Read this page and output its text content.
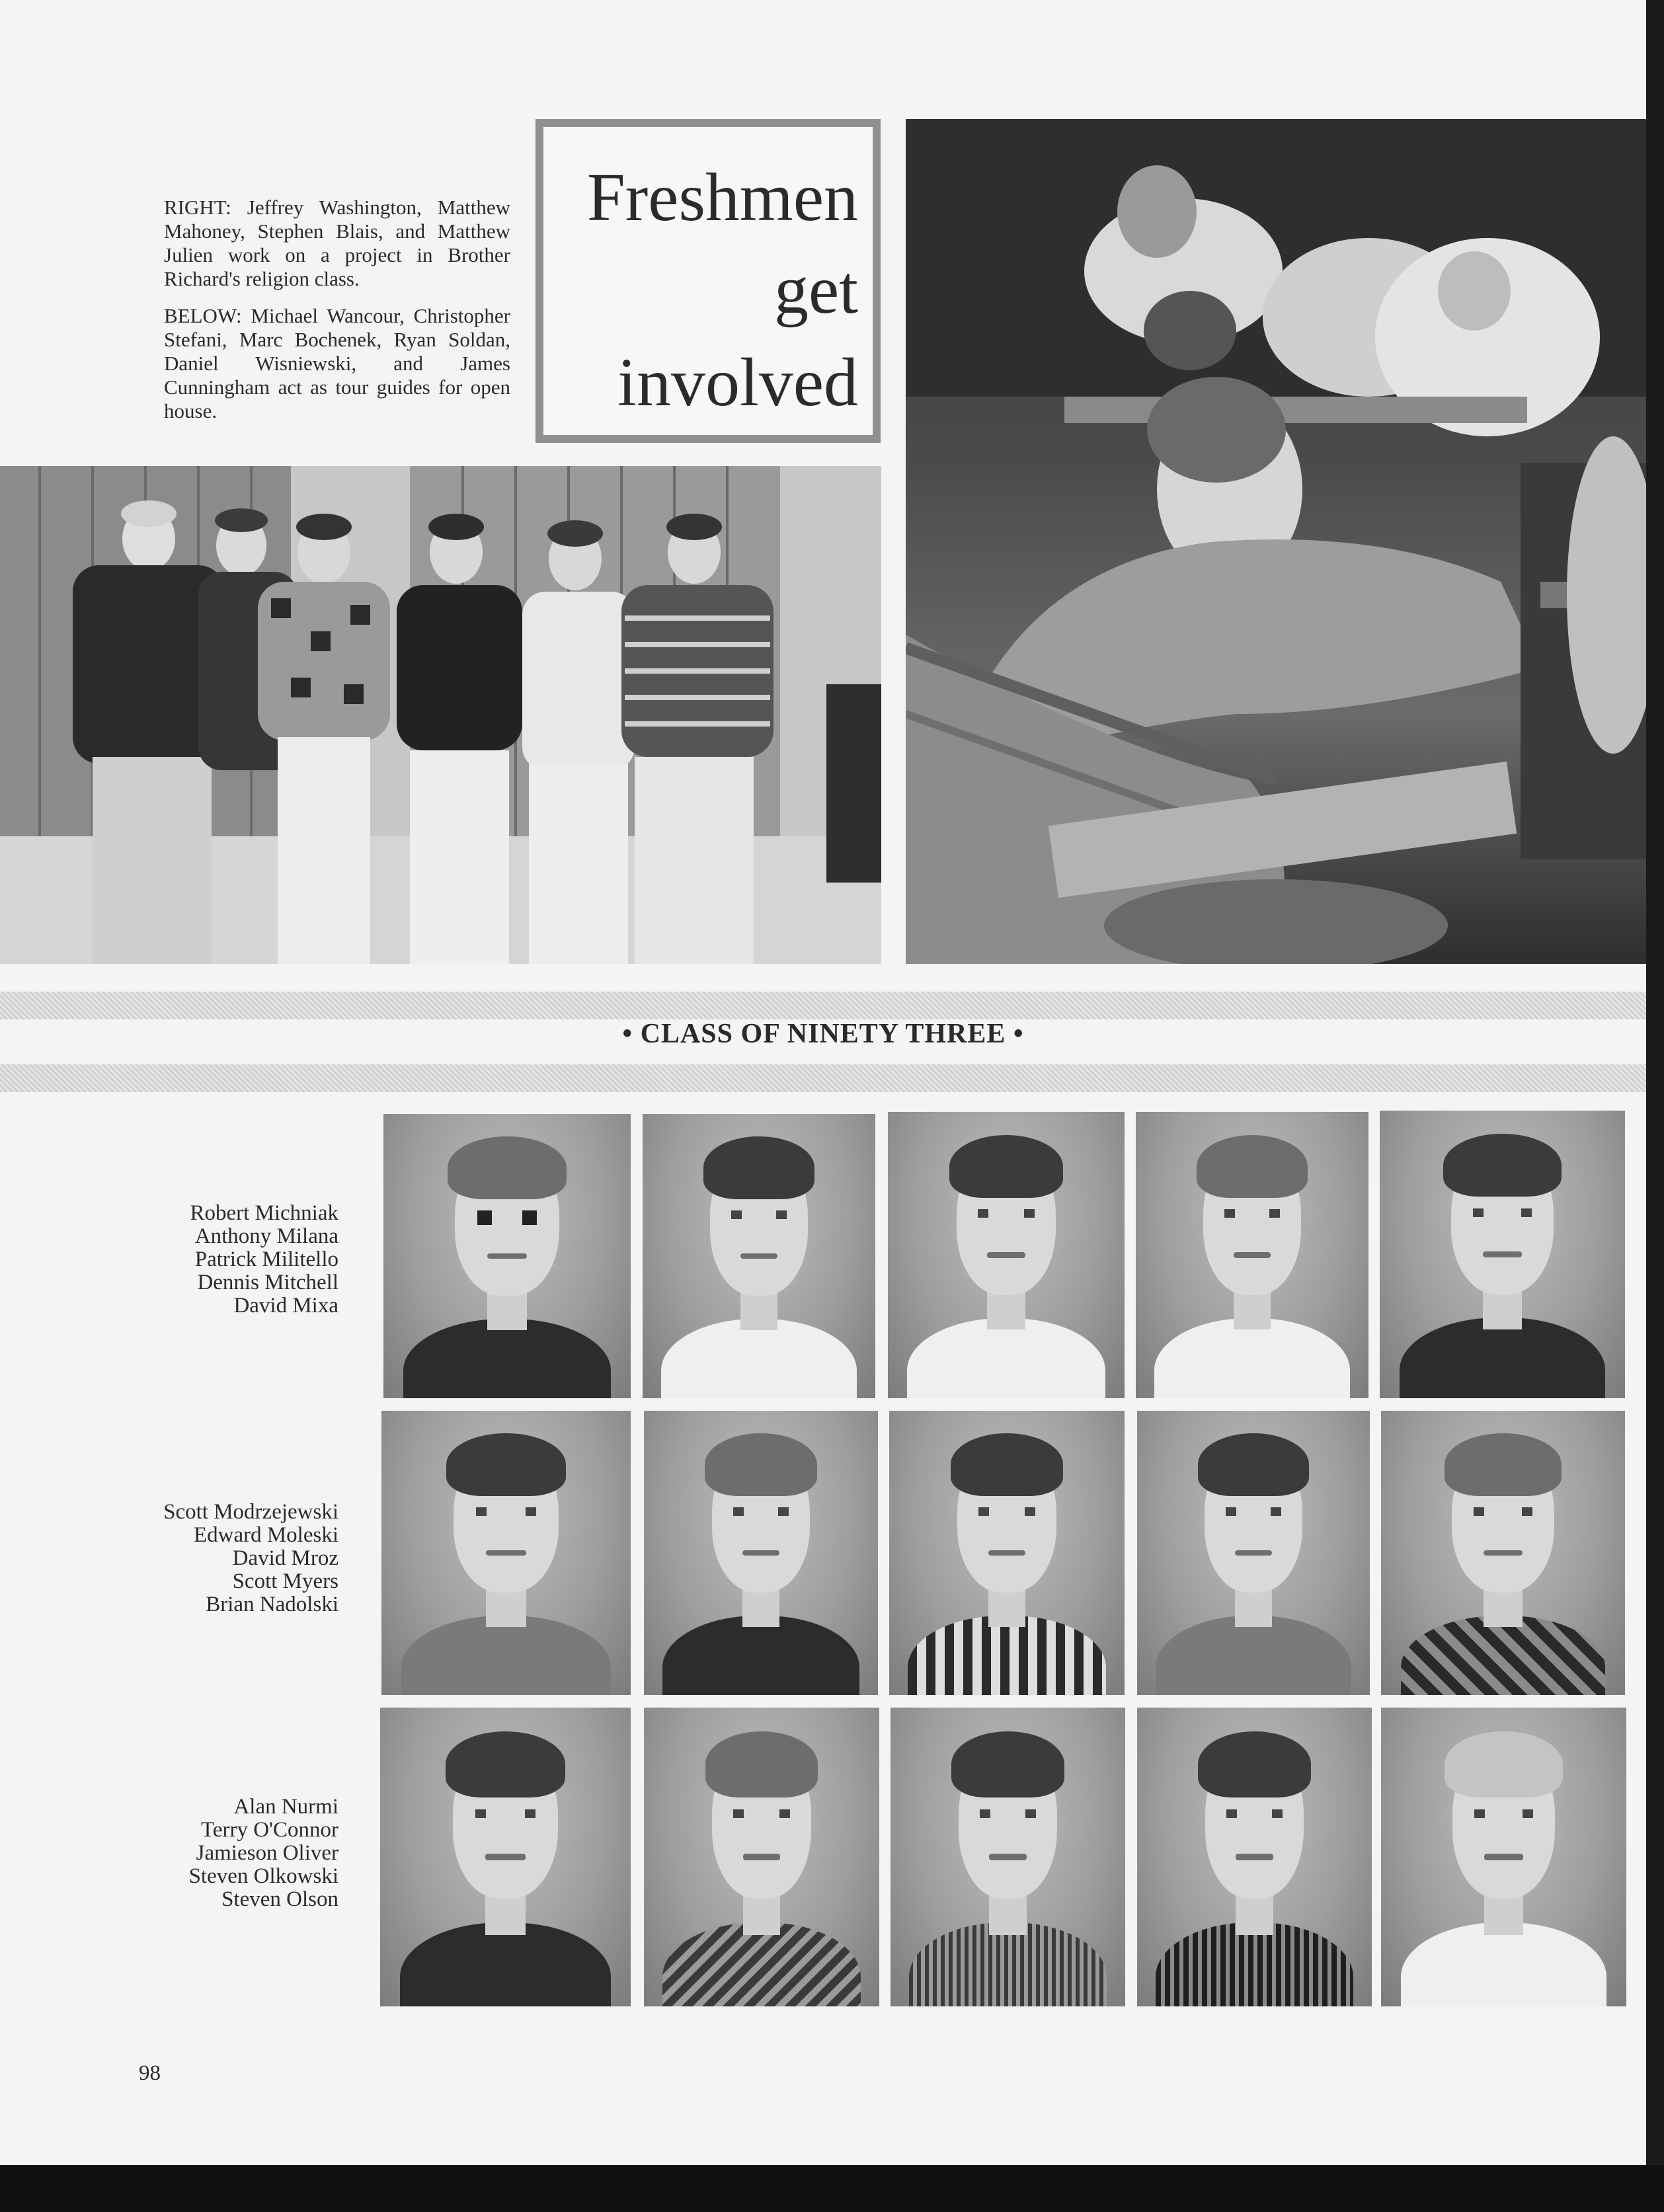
RIGHT: Jeffrey Washington, Matthew Mahoney, Stephen Blais, and Matthew Julien work on a project in Brother Richard's religion class.

BELOW: Michael Wancour, Christopher Stefani, Marc Bochenek, Ryan Soldan, Daniel Wisniewski, and James Cunningham act as tour guides for open house.

Freshmen
get
involved
• CLASS OF NINETY THREE •
Robert Michniak
Anthony Milana
Patrick Militello
Dennis Mitchell
David Mixa
Scott Modrzejewski
Edward Moleski
David Mroz
Scott Myers
Brian Nadolski
Alan Nurmi
Terry O'Connor
Jamieson Oliver
Steven Olkowski
Steven Olson
98
